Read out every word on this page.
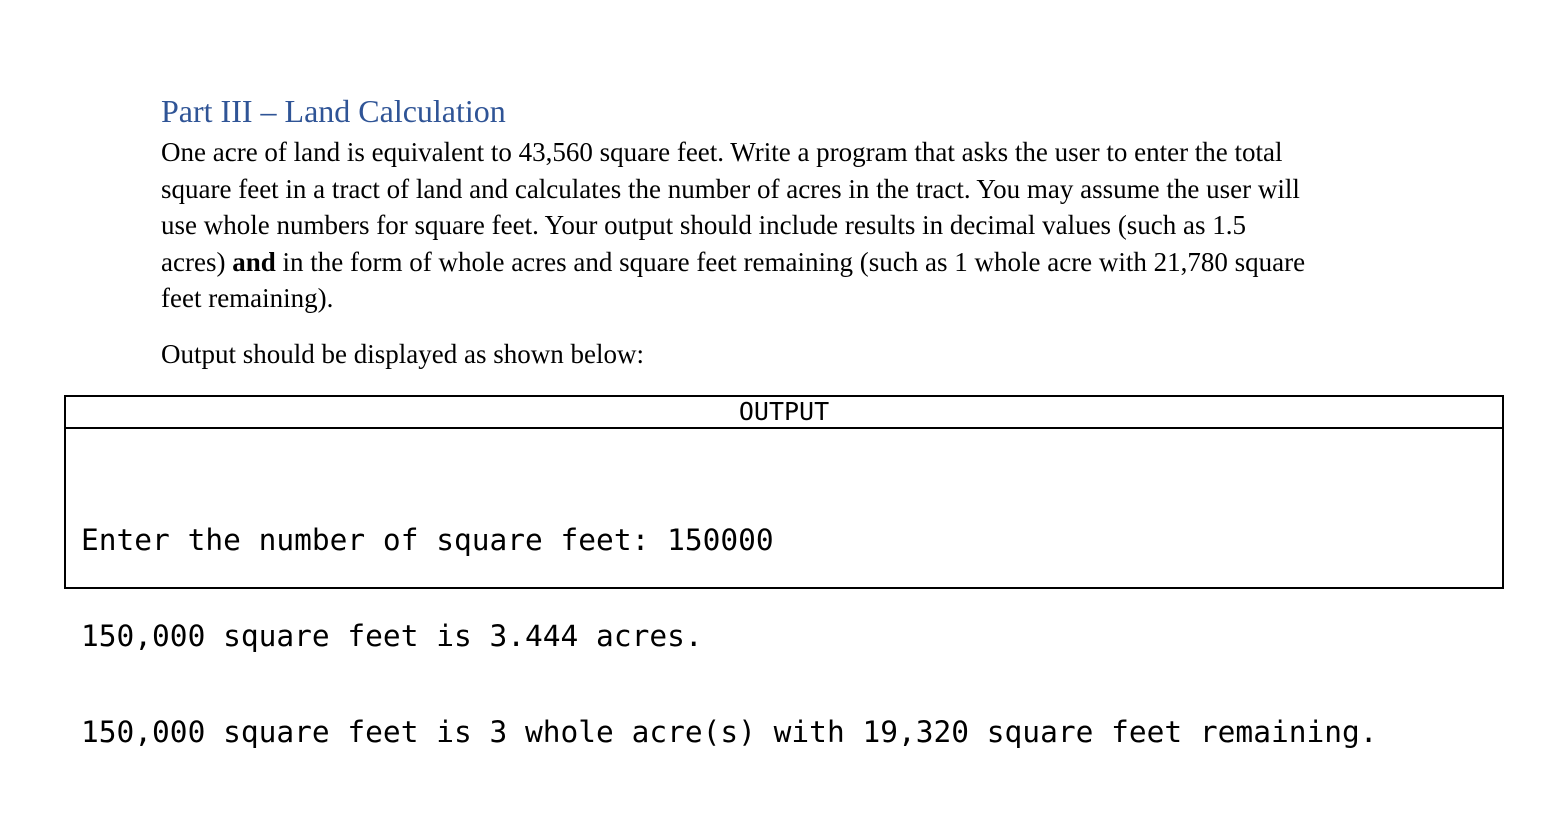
Part III – Land Calculation

One acre of land is equivalent to 43,560 square feet. Write a program that asks the user to enter the total
square feet in a tract of land and calculates the number of acres in the tract. You may assume the user will
use whole numbers for square feet. Your output should include results in decimal values (such as 1.5
acres) and in the form of whole acres and square feet remaining (such as 1 whole acre with 21,780 square
feet remaining).

Output should be displayed as shown below:

OUTPUT

Enter the number of square feet: 150000

150,000 square feet is 3.444 acres.

150,000 square feet is 3 whole acre(s) with 19,320 square feet remaining.
